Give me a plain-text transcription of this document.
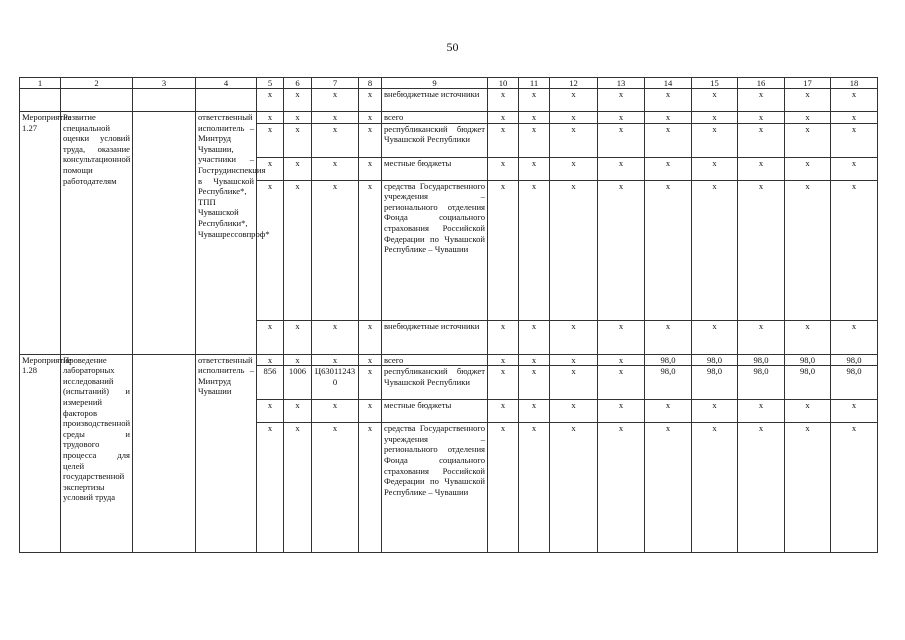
50
1	2	3	4	5	6	7	8	9	10	11	12	13	14	15	16	17	18
				x	x	x	x	внебюджетные источники	x	x	x	x	x	x	x	x	x
Мероприятие 1.27	Развитие специальной оценки условий труда, оказание консультационной помощи работодателям		ответственный исполнитель – Минтруд Чувашии, участники – Гострудинспекция в Чувашской Республике*, ТПП Чувашской Республики*, Чувашрессовпроф*	x	x	x	x	всего	x	x	x	x	x	x	x	x	x
				x	x	x	x	республиканский бюджет Чувашской Республики	x	x	x	x	x	x	x	x	x
				x	x	x	x	местные бюджеты	x	x	x	x	x	x	x	x	x
				x	x	x	x	средства Государственного учреждения – регионального отделения Фонда социального страхования Российской Федерации по Чувашской Республике – Чувашии	x	x	x	x	x	x	x	x	x
				x	x	x	x	внебюджетные источники	x	x	x	x	x	x	x	x	x
Мероприятие 1.28	Проведение лабораторных исследований (испытаний) и измерений факторов производственной среды и трудового процесса для целей государственной экспертизы условий труда		ответственный исполнитель – Минтруд Чувашии	x	x	x	x	всего	x	x	x	x	98,0	98,0	98,0	98,0	98,0
				856	1006	Ц630112430	x	республиканский бюджет Чувашской Республики	x	x	x	x	98,0	98,0	98,0	98,0	98,0
				x	x	x	x	местные бюджеты	x	x	x	x	x	x	x	x	x
				x	x	x	x	средства Государственного учреждения – регионального отделения Фонда социального страхования Российской Федерации по Чувашской Республике – Чувашии	x	x	x	x	x	x	x	x	x
